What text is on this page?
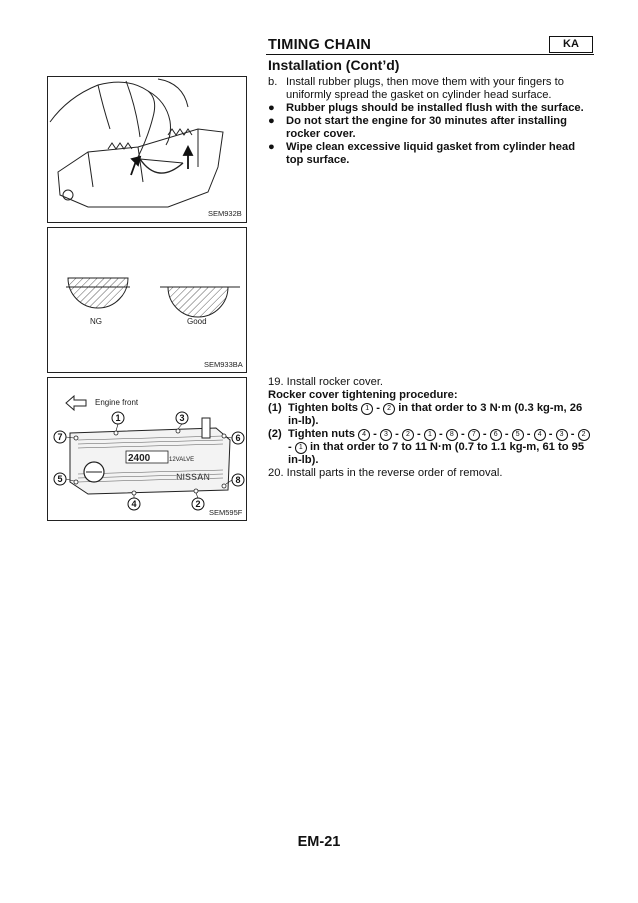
TIMING CHAIN	KA
Installation (Cont’d)
SEM932B
NG	Good
SEM933BA
Engine front
2400	12VALVE
NISSAN
1	3
7	6
5	8
4	2
SEM595F
b. Install rubber plugs, then move them with your fingers to uniformly spread the gasket on cylinder head surface.
● Rubber plugs should be installed flush with the surface.
● Do not start the engine for 30 minutes after installing rocker cover.
● Wipe clean excessive liquid gasket from cylinder head top surface.
19. Install rocker cover.
Rocker cover tightening procedure:
(1) Tighten bolts 1 - 2 in that order to 3 N·m (0.3 kg-m, 26 in-lb).
(2) Tighten nuts 4 - 3 - 2 - 1 - 8 - 7 - 6 - 5 - 4 - 3 - 2 - 1 in that order to 7 to 11 N·m (0.7 to 1.1 kg-m, 61 to 95 in-lb).
20. Install parts in the reverse order of removal.
EM-21
